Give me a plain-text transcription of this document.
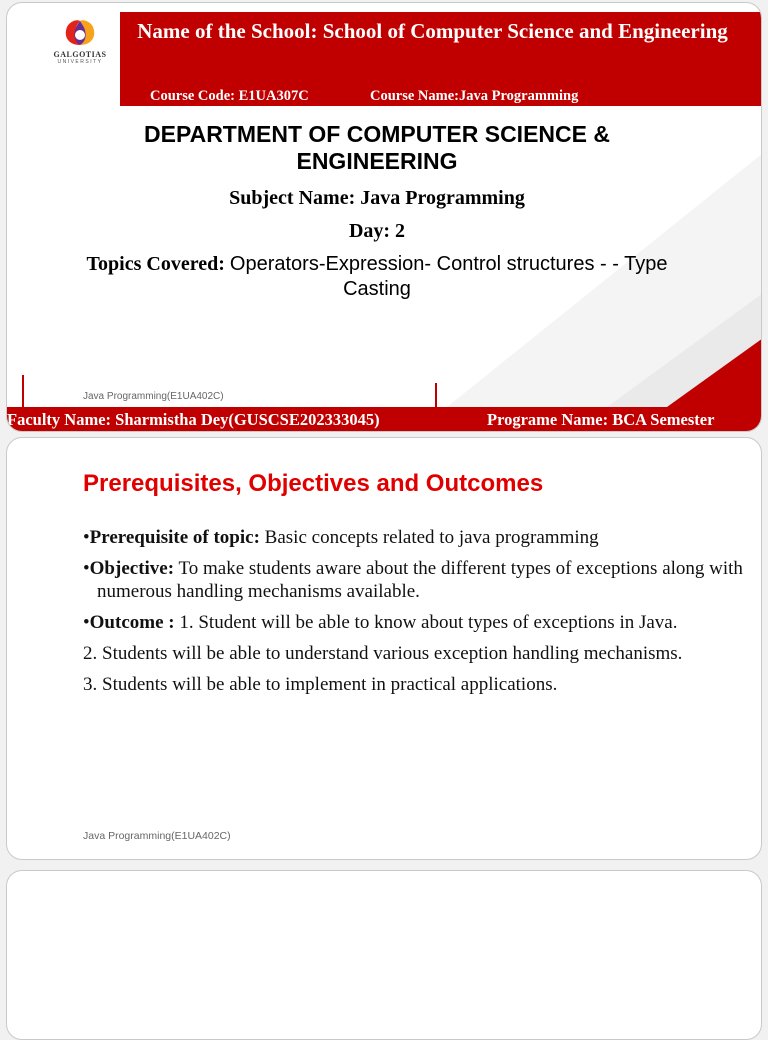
GALGOTIAS
UNIVERSITY
Name of the School: School of Computer Science and Engineering
Course Code: E1UA307C	Course Name:Java Programming
DEPARTMENT OF COMPUTER SCIENCE & ENGINEERING
Subject Name: Java Programming
Day: 2
Topics Covered: Operators-Expression- Control structures - - Type Casting
Java Programming(E1UA402C)
Faculty Name: Sharmistha Dey(GUSCSE202333045)	Programe Name: BCA Semester
Prerequisites, Objectives and Outcomes
•Prerequisite of topic: Basic concepts related to java programming
•Objective: To make students aware about the different types of exceptions along with numerous handling mechanisms available.
•Outcome : 1. Student will be able to know about types of exceptions in Java.
2. Students will be able to understand various exception handling mechanisms.
3. Students will be able to implement in practical applications.
Java Programming(E1UA402C)
